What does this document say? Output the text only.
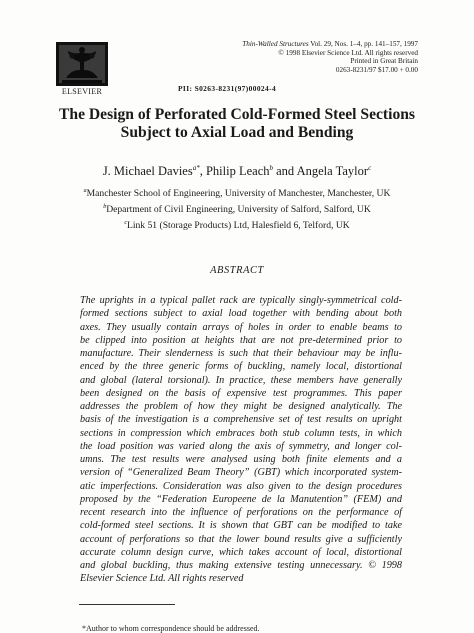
ELSEVIER
Thin-Walled Structures Vol. 29, Nos. 1–4, pp. 141–157, 1997
© 1998 Elsevier Science Ltd. All rights reserved
Printed in Great Britain
0263-8231/97 $17.00 + 0.00
PII: S0263-8231(97)00024-4
The Design of Perforated Cold-Formed Steel Sections
Subject to Axial Load and Bending
J. Michael Davies$^{a*}$, Philip Leach$^b$ and Angela Taylor$^c$
$^a$Manchester School of Engineering, University of Manchester, Manchester, UK
$^b$Department of Civil Engineering, University of Salford, Salford, UK
$^c$Link 51 (Storage Products) Ltd, Halesfield 6, Telford, UK
ABSTRACT
The uprights in a typical pallet rack are typically singly-symmetrical cold-
formed sections subject to axial load together with bending about both
axes. They usually contain arrays of holes in order to enable beams to
be clipped into position at heights that are not pre-determined prior to
manufacture. Their slenderness is such that their behaviour may be influ-
enced by the three generic forms of buckling, namely local, distortional
and global (lateral torsional). In practice, these members have generally
been designed on the basis of expensive test programmes. This paper
addresses the problem of how they might be designed analytically. The
basis of the investigation is a comprehensive set of test results on upright
sections in compression which embraces both stub column tests, in which
the load position was varied along the axis of symmetry, and longer col-
umns. The test results were analysed using both finite elements and a
version of “Generalized Beam Theory” (GBT) which incorporated system-
atic imperfections. Consideration was also given to the design procedures
proposed by the “Federation Europeene de la Manutention” (FEM) and
recent research into the influence of perforations on the performance of
cold-formed steel sections. It is shown that GBT can be modified to take
account of perforations so that the lower bound results give a sufficiently
accurate column design curve, which takes account of local, distortional
and global buckling, thus making extensive testing unnecessary. © 1998
Elsevier Science Ltd. All rights reserved
*Author to whom correspondence should be addressed.
